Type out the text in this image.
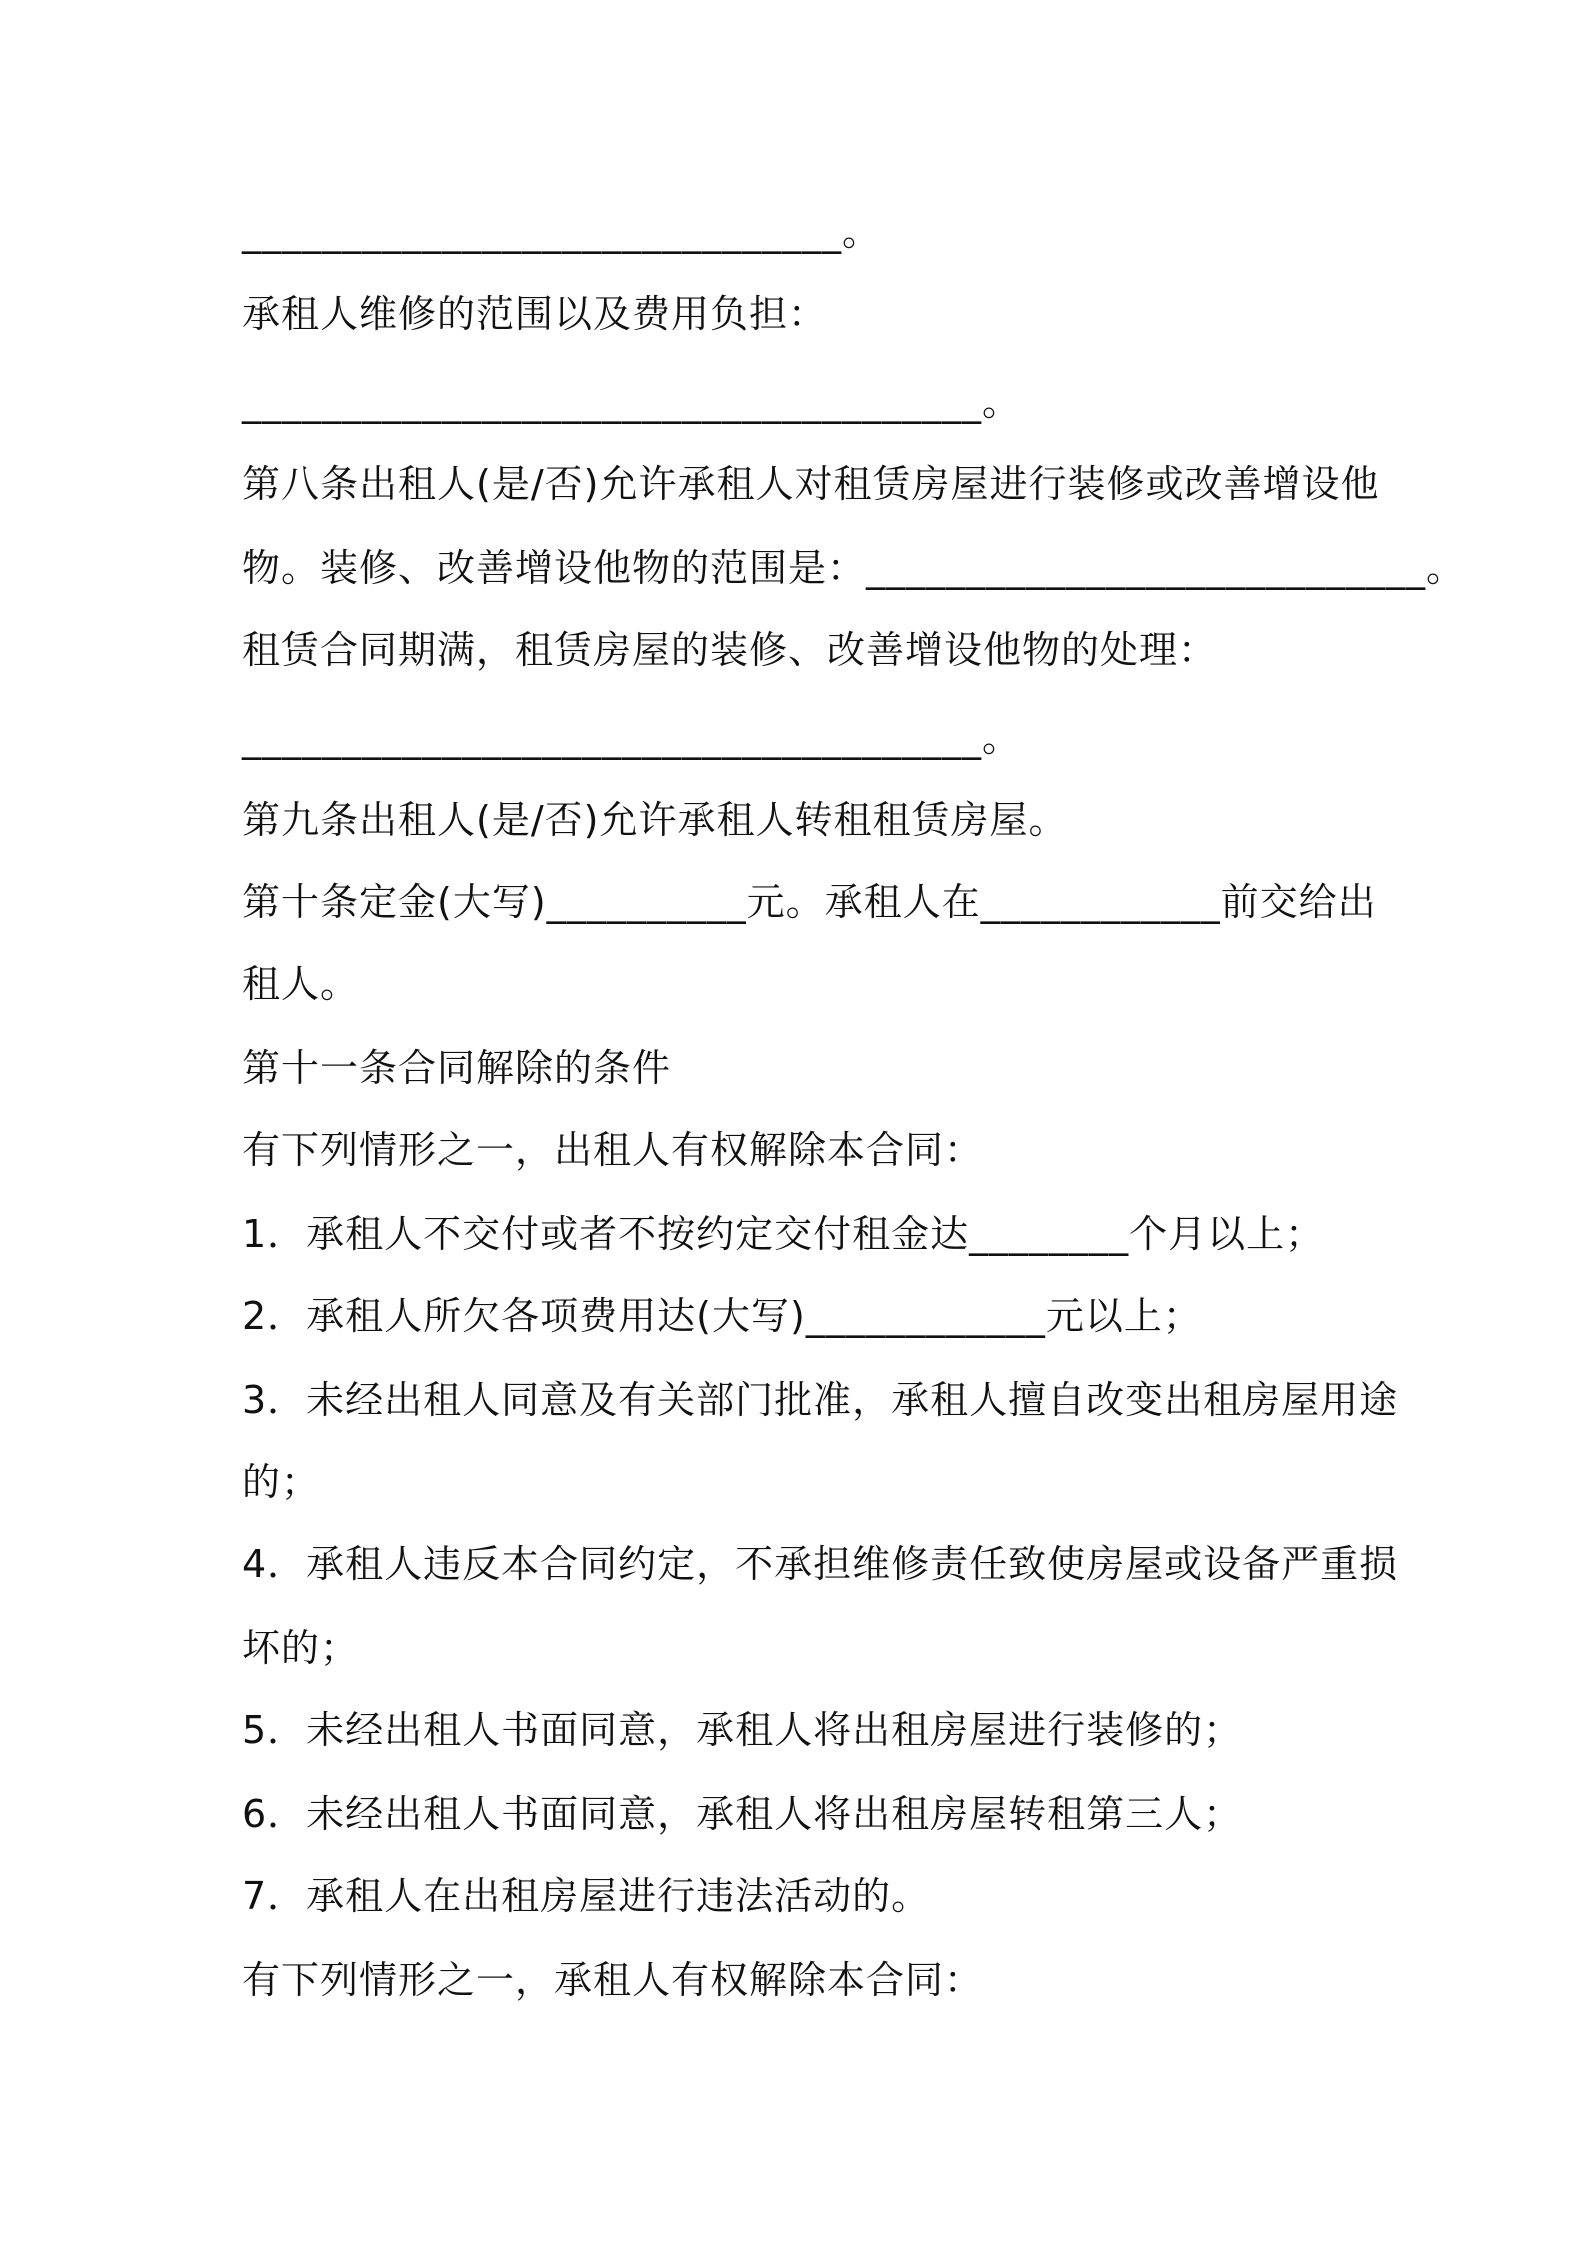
______________________________。
承租人维修的范围以及费用负担：
_____________________________________。
第八条出租人(是/否)允许承租人对租赁房屋进行装修或改善增设他
物。装修、改善增设他物的范围是：____________________________。
租赁合同期满，租赁房屋的装修、改善增设他物的处理：
_____________________________________。
第九条出租人(是/否)允许承租人转租租赁房屋。
第十条定金(大写)__________元。承租人在____________前交给出
租人。
第十一条合同解除的条件
有下列情形之一，出租人有权解除本合同：
1．承租人不交付或者不按约定交付租金达________个月以上；
2．承租人所欠各项费用达(大写)____________元以上；
3．未经出租人同意及有关部门批准，承租人擅自改变出租房屋用途
的；
4．承租人违反本合同约定，不承担维修责任致使房屋或设备严重损
坏的；
5．未经出租人书面同意，承租人将出租房屋进行装修的；
6．未经出租人书面同意，承租人将出租房屋转租第三人；
7．承租人在出租房屋进行违法活动的。
有下列情形之一，承租人有权解除本合同：
